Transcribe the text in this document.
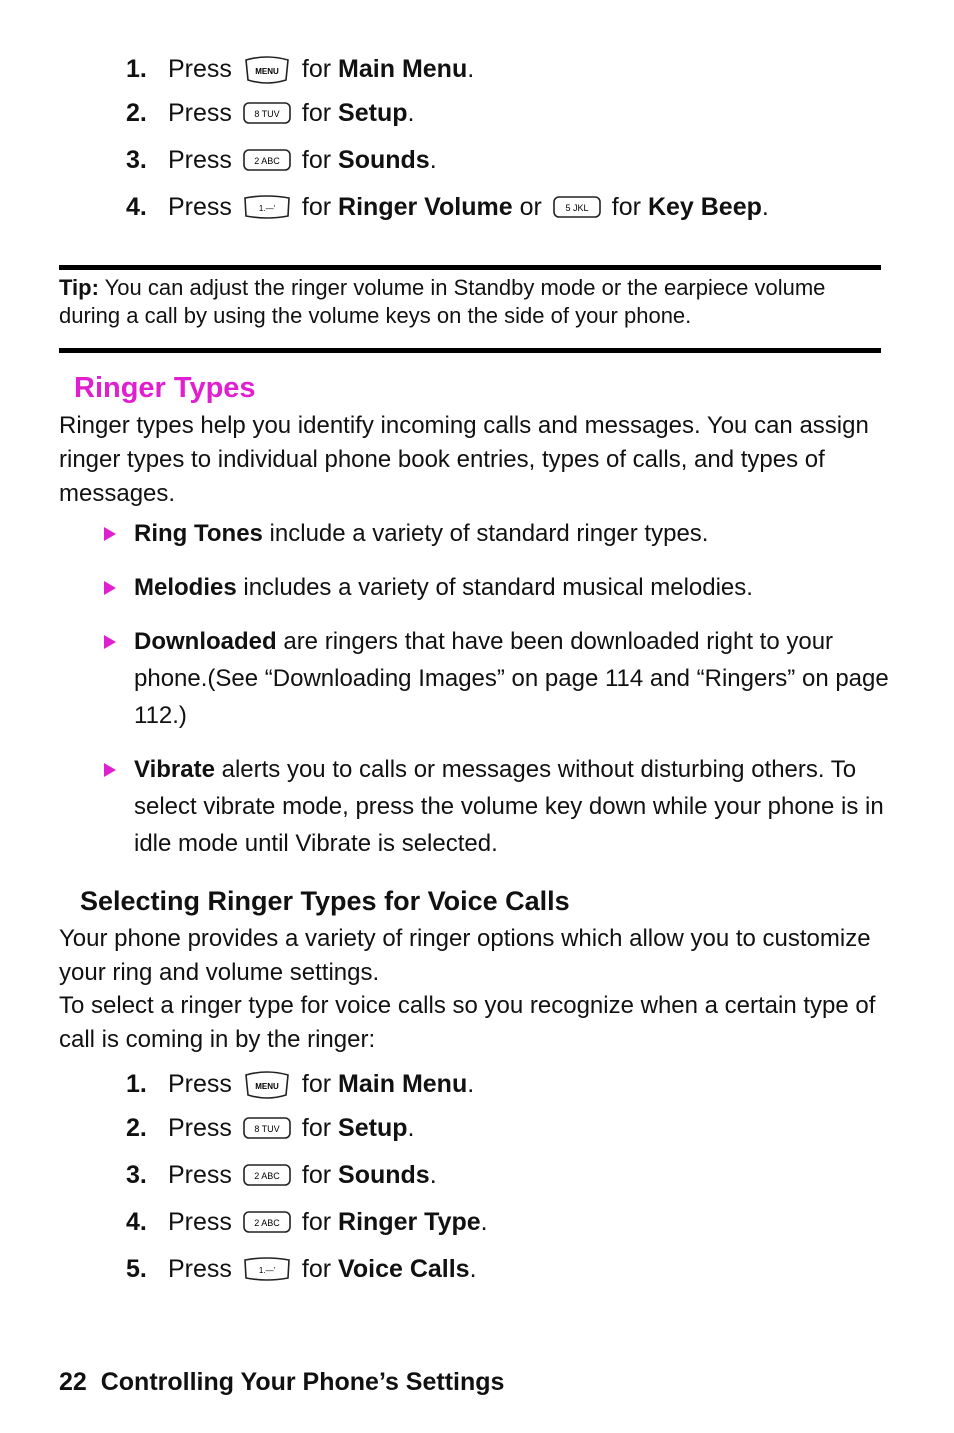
1. Press	MENU for
Main Menu .
2. Press 8 TUV for
Setup .
3. Press 2 ABC for
Sounds .
4. Press	1.—' for
Ringer Volume
or	5 JKL for
Key Beep .
Tip: You can adjust the ringer volume in Standby mode or the earpiece volume during a call by using the volume keys on the side of your phone.
Ringer Types
Ringer types help you identify incoming calls and messages. You can assign ringer types to individual phone book entries, types of calls, and types of messages.
Ring Tones include a variety of standard ringer types.
Melodies includes a variety of standard musical melodies.
Downloaded are ringers that have been downloaded right to your phone.(See “Downloading Images” on page 114 and “Ringers” on page 112.)
Vibrate alerts you to calls or messages without disturbing others. To select vibrate mode, press the volume key down while your phone is in idle mode until Vibrate is selected.
Selecting Ringer Types for Voice Calls
Your phone provides a variety of ringer options which allow you to customize your ring and volume settings.
To select a ringer type for voice calls so you recognize when a certain type of call is coming in by the ringer:
1. Press	MENU for
Main Menu .
2. Press 8 TUV for
Setup .
3. Press 2 ABC for
Sounds .
4. Press 2 ABC for
Ringer Type .
5. Press	1.—' for
Voice Calls .
22 Controlling Your Phone’s Settings
